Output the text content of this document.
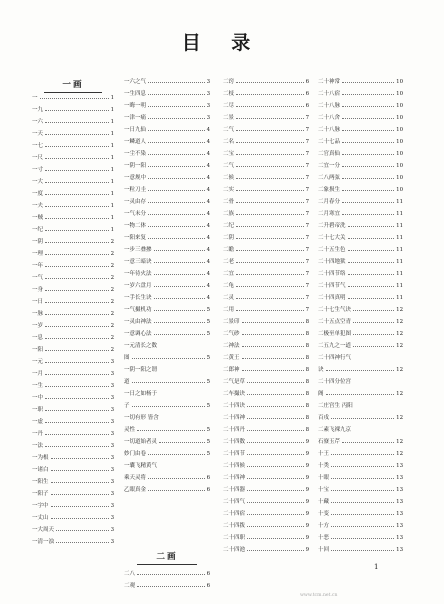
目 录
一画
一	1
一九	1
一六	1
一天	1
一七	1
一尺	1
一寸	1
一大	1
一度	1
一夫	1
一贼	1
一纪	1
一阴	2
一理	2
一年	2
一气	2
一身	2
一日	2
一脉	2
一岁	2
一息	2
一阳	2
一元	3
一月	3
一生	3
一中	3
一职	3
一虚	3
一丹	3
一法	3
一为根	3
一诸白	3
一阳生	3
一阳子	3
一字中	3
一丈山	3
一大周天	3
一清一浊	3
一六之气	3
一生四息	3
一晦一明	3
一津一痛	3
一日九仙	4
一鳞道人	4
一尘不染	4
一阴一阳	4
一意规中	4
一粒刀圭	4
一灵由存	4
一气未分	4
一物二体	4
一阳来复	4
一步三叠掺	4
一意三暗诀	4
一年待火法	4
一岁六盘月	4
一手长生诀	4
一气摄机功	5
一灵由神法	5
一意调心法	5
一元清长之数
图	5
一阴一阳之谓
道	5
一日之如杨于
子	5
一切有形 皆含
灵性	5
一切道始者灵	5
妙门由卷	5
一囊飞精黄气
乘天灵将	6
乙眼真金	6
二画
二八	6
二观	6
二窍	6
二枝	6
二尽	6
二景	7
二气	7
二名	7
二宝	7
二气	7
二候	7
二实	7
二骨	7
二族	7
二纪	7
二阴	7
二瞻	7
二老	7
二宜	7
二龟	7
二灵	7
二用	7
二景印	8
二气砂	8
二神法	8
二黄王	8
二郎神	8
二气是草	8
二车撮诀	8
二十四诀	8
二十四神	8
二十四丹	8
二十四数	9
二十四节	9
二十四候	9
二十四神	9
二十四器	9
二十四气	9
二十四宿	9
二十四拨	9
二十四职	9
二十四池	9
二十神常	10
二十八宿	10
二十八脉	10
二十八舍	10
二十八脉	10
二十七品	10
二官真仙	10
二宜一分	10
二八两弦	10
二象损生	10
二月春分	11
二月寒宜	11
二升碧帝洗	11
二十七大关	11
二十五生色	11
二十四地狱	11
二十四节络	11
二十四节气	11
二十四真明	11
二十七生气诀	12
二十五点空青	12
二极至单犯图	12
二五九之一道	12
二十四神行气
诀	12
二十四分位宫
阁	12
二庄宫生 丙阳
百戌	12
二素飞裸九京
石寮玉芹	12
十王	12
十类	13
十眼	13
十宝	13
十藏	13
十变	13
十方	13
十恶	13
十回	13
1
www.tcm.net.cn
